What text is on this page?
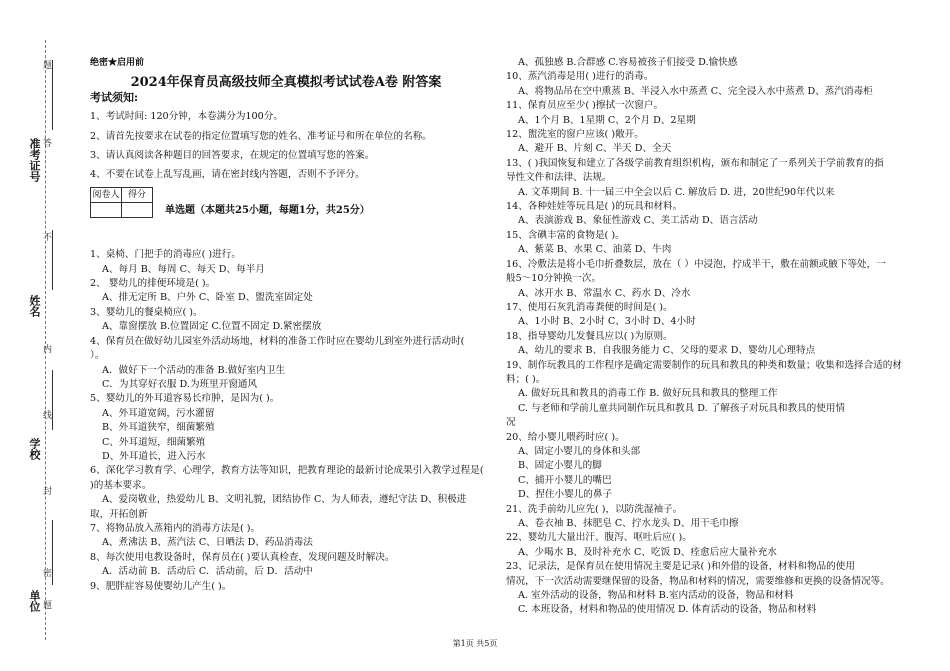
题
答
不
内
线
封
密
题
准考证号
姓名
学校
单位

绝密★启用前

2024年保育员高级技师全真模拟考试试卷A卷 附答案

考试须知:

1、考试时间: 120分钟，本卷满分为100分。

2、请首先按要求在试卷的指定位置填写您的姓名、准考证号和所在单位的名称。

3、请认真阅读各种题目的回答要求，在规定的位置填写您的答案。

4、不要在试卷上乱写乱画，请在密封线内答题，否则不予评分。

阅卷人	得分

单选题（本题共25小题，每题1分，共25分）

1、桌椅、门把手的消毒应( )进行。

A、每月 B、每周 C、每天 D、每半月

2、 婴幼儿的排便环境是( )。

A、排无定所 B、户外 C、卧室 D、盥洗室固定处

3、婴幼儿的餐桌椅应( )。

A、靠窗摆放 B.位置固定 C.位置不固定 D.紧密摆放

4、保育员在做好幼儿园室外活动场地，材料的准备工作时应在婴幼儿到室外进行活动时(

）。

A．做好下一个活动的准备 B.做好室内卫生

C．为其穿好衣服 D.为班里开窗通风

5、婴幼儿的外耳道容易长疖肿，是因为( )。

A、外耳道宽阔，污水灌留

B、外耳道狭窄，细菌繁殖

C、外耳道短，细菌繁殖

D、外耳道长，进入污水

6、深化学习教育学、心理学，教育方法等知识，把教育理论的最新讨论成果引入教学过程是(

)的基本要求。

A、爱岗敬业，热爱幼儿 B、文明礼貌，团结协作 C、为人师表，遵纪守法 D、积极进

取，开拓创新

7、将物品放入蒸箱内的消毒方法是( )。

A、煮沸法 B、蒸汽法 C、日晒法 D、药品消毒法

8、每次使用电教设备时，保育员在( )要认真检查，发现问题及时解决。

A．活动前 B．活动后 C．活动前，后 D．活动中

9、肥胖症容易使婴幼儿产生( )。

A、孤独感 B.合群感 C.容易被孩子们接受 D.愉快感

10、蒸汽消毒是用( )进行的消毒。

A、将物品吊在空中熏蒸 B、半浸入水中蒸煮 C、完全浸入水中蒸煮 D、蒸汽消毒柜

11、保育员应至少( )擦拭一次窗户。

A、1个月 B、1星期 C、2个月 D、2星期

12、盥洗室的窗户应该( )敞开。

A、避开 B、片刻 C、半天 D、全天

13、( )我国恢复和建立了各级学前教育组织机构，颁布和制定了一系列关于学前教育的指

导性文件和法律、法规。

A. 文革期间 B. 十一届三中全会以后 C. 解放后 D. 进，20世纪90年代以来

14、各种娃娃等玩具是( )的玩具和材料。

A、表演游戏 B、象征性游戏 C、美工活动 D、语言活动

15、含碘丰富的食物是( )。

A、紫菜 B、水果 C、油菜 D、牛肉

16、冷敷法是将小毛巾折叠数层，放在（ ）中浸泡，拧成半干，敷在前额或腋下等处，一

般5～10分钟换一次。

A、冰开水 B、常温水 C、药水 D、冷水

17、使用石灰乳消毒粪便的时间是( )。

A、1小时 B、2小时 C、3小时 D、4小时

18、指导婴幼儿发餐具应以( )为原则。

A、幼儿的要求 B、自我服务能力 C、父母的要求 D、婴幼儿心理特点

19、制作玩教具的工作程序是确定需要制作的玩具和教具的种类和数量；收集和选择合适的材

料；( )。

A. 做好玩具和教具的消毒工作 B. 做好玩具和教具的整理工作

C. 与老师和学前儿童共同制作玩具和教具 D. 了解孩子对玩具和教具的使用情

况

20、给小婴儿喂药时应( )。

A、固定小婴儿的身体和头部

B、固定小婴儿的脚

C、捕开小婴儿的嘴巴

D、捏住小婴儿的鼻子

21、洗手前幼儿应先( )，以防洗湿袖子。

A、卷衣袖 B、抹肥皂 C、拧水龙头 D、用干毛巾擦

22、婴幼儿大量出汗、腹泻、呕吐后应( )。

A、少喝水 B、及时补充水 C、吃饭 D、痊愈后应大量补充水

23、记录法，是保育员在使用情况主要是记录( )和外借的设备，材料和物品的使用

情况，下一次活动需要继保留的设备，物品和材料的情况，需要维修和更换的设备情况等。

A. 室外活动的设备，物品和材料 B.室内活动的设备，物品和材料

C. 本班设备，材料和物品的使用情况 D. 体育活动的设备，物品和材料

第1页 共5页
